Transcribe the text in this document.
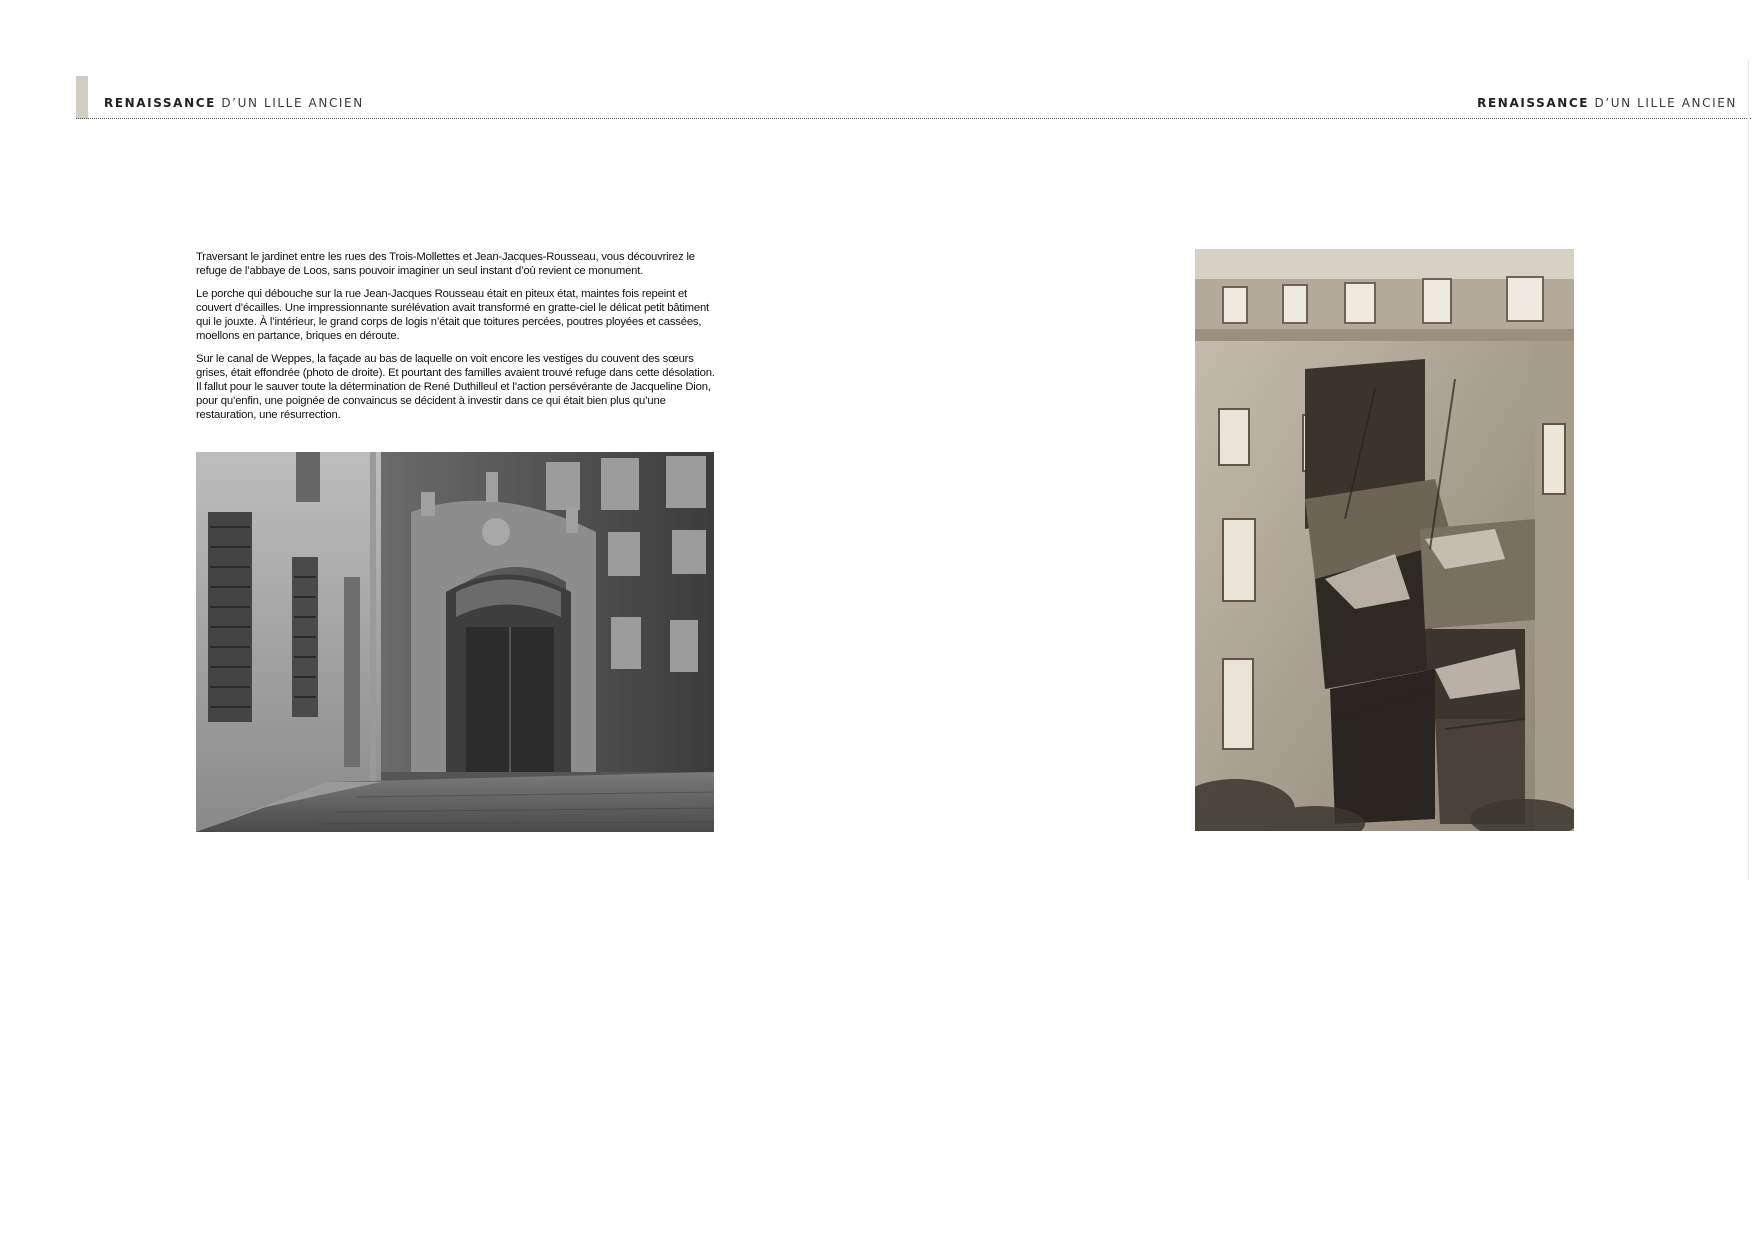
RENAISSANCE D’UN LILLE ANCIEN	RENAISSANCE D’UN LILLE ANCIEN

Traversant le jardinet entre les rues des Trois-Mollettes et Jean-Jacques-Rousseau, vous découvrirez le refuge de l’abbaye de Loos, sans pouvoir imaginer un seul instant d’où revient ce monument.

Le porche qui débouche sur la rue Jean-Jacques Rousseau était en piteux état, maintes fois repeint et couvert d’écailles. Une impressionnante surélévation avait transformé en gratte-ciel le délicat petit bâtiment qui le jouxte. À l’intérieur, le grand corps de logis n’était que toitures percées, poutres ployées et cassées, moellons en partance, briques en déroute.

Sur le canal de Weppes, la façade au bas de laquelle on voit encore les vestiges du couvent des sœurs grises, était effondrée (photo de droite). Et pourtant des familles avaient trouvé refuge dans cette désolation. Il fallut pour le sauver toute la détermination de René Duthilleul et l’action persévérante de Jacqueline Dion, pour qu’enfin, une poignée de convaincus se décident à investir dans ce qui était bien plus qu’une restauration, une résurrection.
